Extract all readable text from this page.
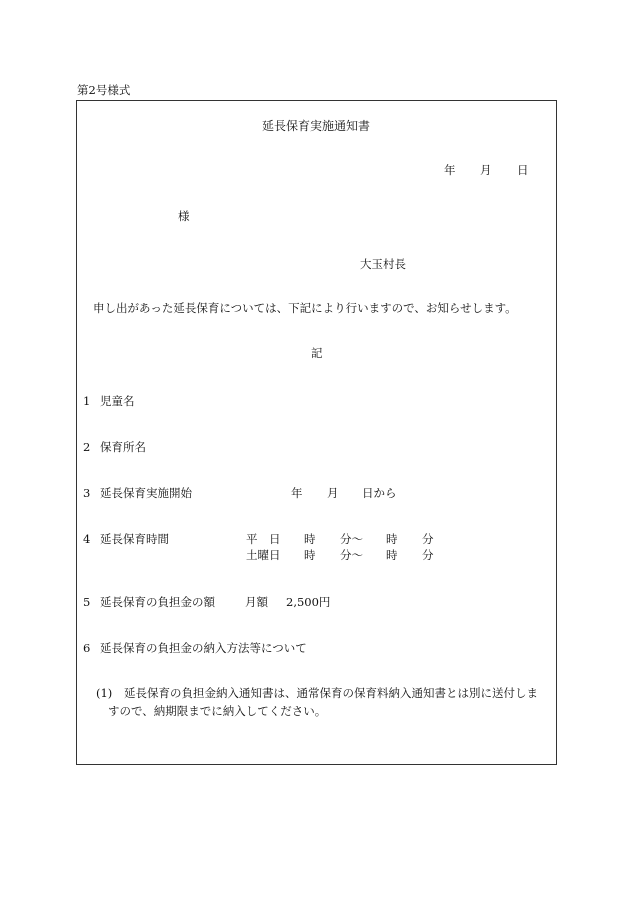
第2号様式
延長保育実施通知書
年 月 日
様
大玉村長
申し出があった延長保育については、下記により行いますので、お知らせします。
記
1 児童名
2 保育所名
3 延長保育実施開始	年 月 日から
4 延長保育時間	平　日 時 分～ 時 分
土曜日 時 分～ 時 分
5 延長保育の負担金の額	月額 2,500円
6 延長保育の負担金の納入方法等について
(1) 延長保育の負担金納入通知書は、通常保育の保育料納入通知書とは別に送付しま
すので、納期限までに納入してください。
